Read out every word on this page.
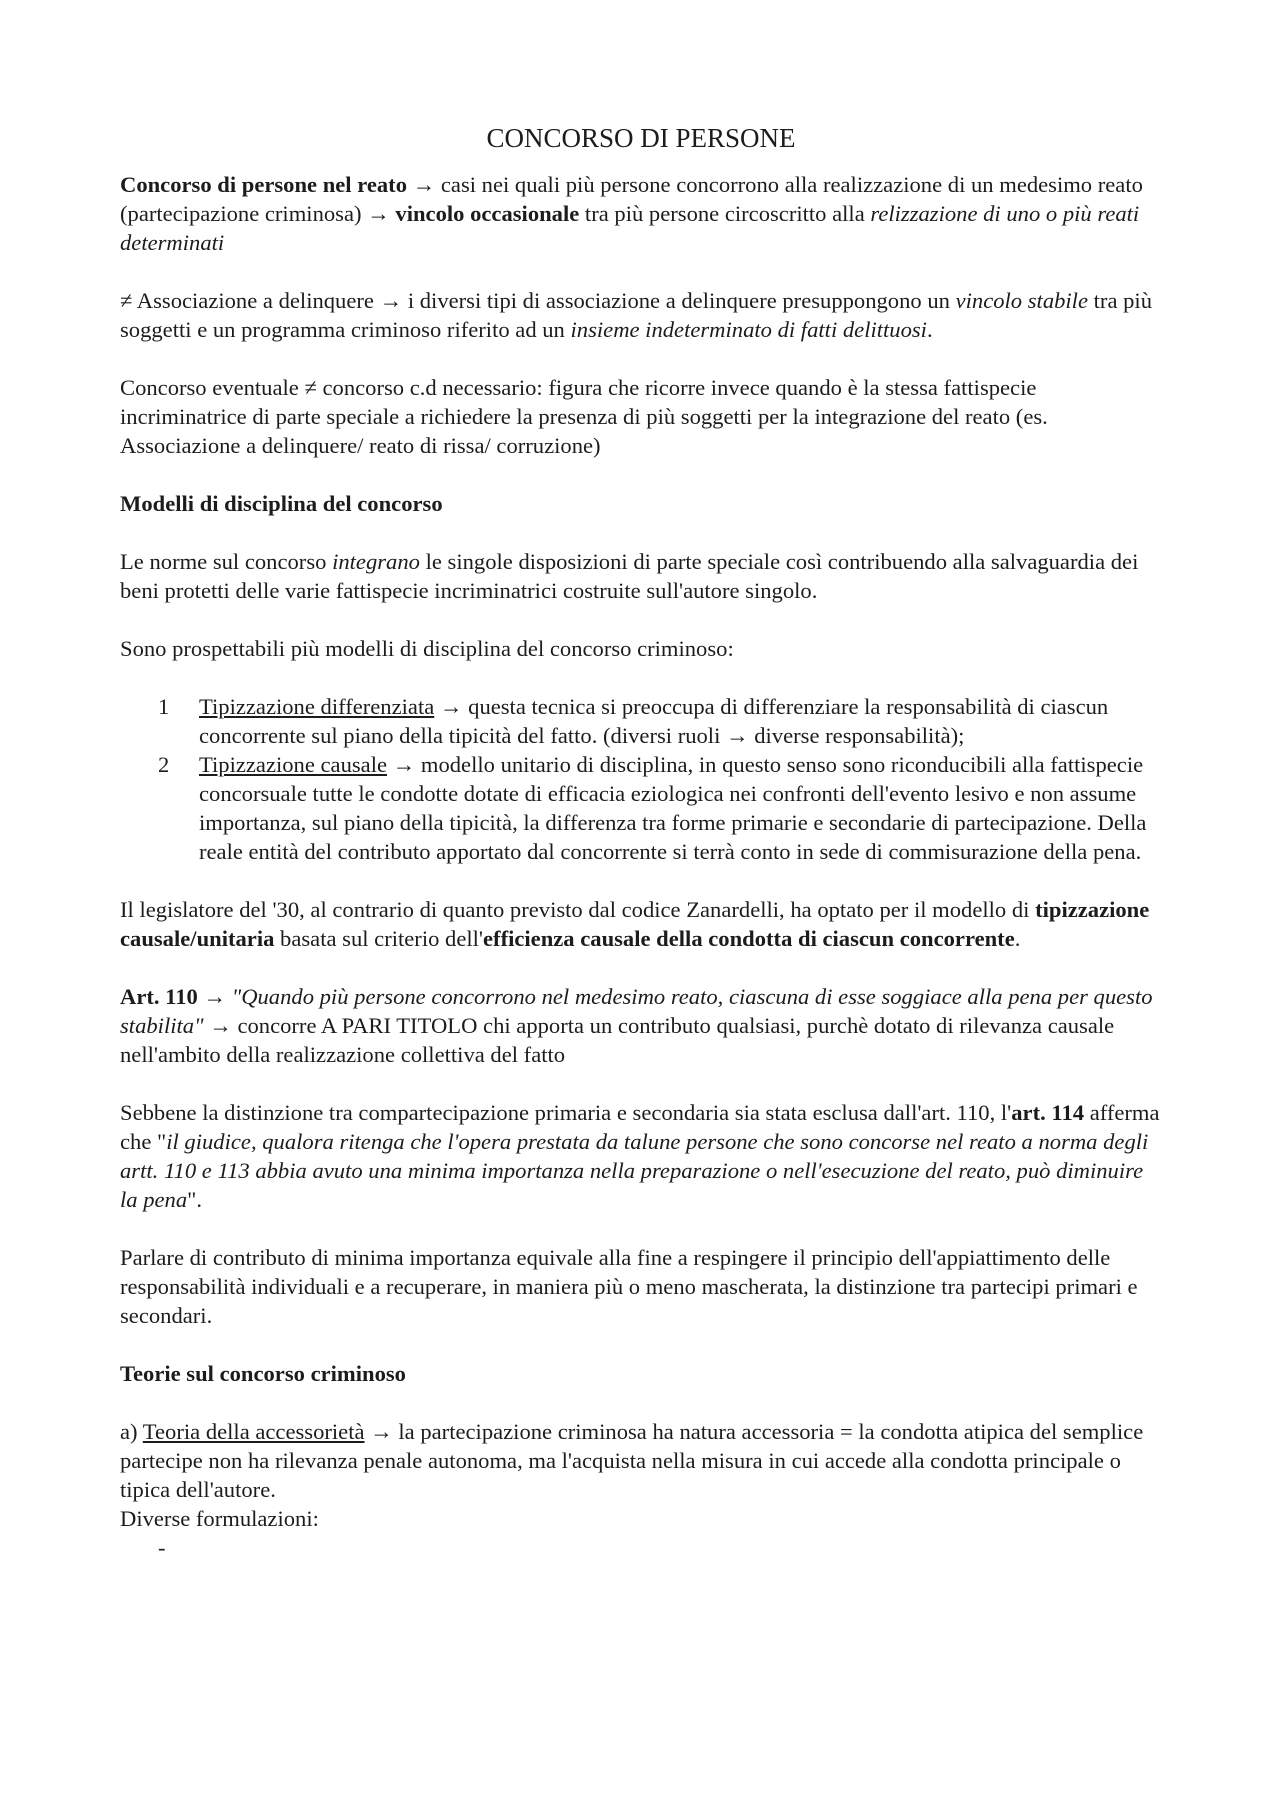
CONCORSO DI PERSONE

Concorso di persone nel reato → casi nei quali più persone concorrono alla realizzazione di un medesimo reato (partecipazione criminosa) → vincolo occasionale tra più persone circoscritto alla relizzazione di uno o più reati determinati

≠ Associazione a delinquere → i diversi tipi di associazione a delinquere presuppongono un vincolo stabile tra più soggetti e un programma criminoso riferito ad un insieme indeterminato di fatti delittuosi.

Concorso eventuale ≠ concorso c.d necessario: figura che ricorre invece quando è la stessa fattispecie incriminatrice di parte speciale a richiedere la presenza di più soggetti per la integrazione del reato (es. Associazione a delinquere/ reato di rissa/ corruzione)

Modelli di disciplina del concorso

Le norme sul concorso integrano le singole disposizioni di parte speciale così contribuendo alla salvaguardia dei beni protetti delle varie fattispecie incriminatrici costruite sull'autore singolo.

Sono prospettabili più modelli di disciplina del concorso criminoso:

1 Tipizzazione differenziata → questa tecnica si preoccupa di differenziare la responsabilità di ciascun concorrente sul piano della tipicità del fatto. (diversi ruoli → diverse responsabilità);
2 Tipizzazione causale → modello unitario di disciplina, in questo senso sono riconducibili alla fattispecie concorsuale tutte le condotte dotate di efficacia eziologica nei confronti dell'evento lesivo e non assume importanza, sul piano della tipicità, la differenza tra forme primarie e secondarie di partecipazione. Della reale entità del contributo apportato dal concorrente si terrà conto in sede di commisurazione della pena.

Il legislatore del '30, al contrario di quanto previsto dal codice Zanardelli, ha optato per il modello di tipizzazione causale/unitaria basata sul criterio dell'efficienza causale della condotta di ciascun concorrente.

Art. 110 → "Quando più persone concorrono nel medesimo reato, ciascuna di esse soggiace alla pena per questo stabilita" → concorre A PARI TITOLO chi apporta un contributo qualsiasi, purchè dotato di rilevanza causale nell'ambito della realizzazione collettiva del fatto

Sebbene la distinzione tra compartecipazione primaria e secondaria sia stata esclusa dall'art. 110, l'art. 114 afferma che "il giudice, qualora ritenga che l'opera prestata da talune persone che sono concorse nel reato a norma degli artt. 110 e 113 abbia avuto una minima importanza nella preparazione o nell'esecuzione del reato, può diminuire la pena".

Parlare di contributo di minima importanza equivale alla fine a respingere il principio dell'appiattimento delle responsabilità individuali e a recuperare, in maniera più o meno mascherata, la distinzione tra partecipi primari e secondari.

Teorie sul concorso criminoso

a) Teoria della accessorietà → la partecipazione criminosa ha natura accessoria = la condotta atipica del semplice partecipe non ha rilevanza penale autonoma, ma l'acquista nella misura in cui accede alla condotta principale o tipica dell'autore.

Diverse formulazioni:

-
